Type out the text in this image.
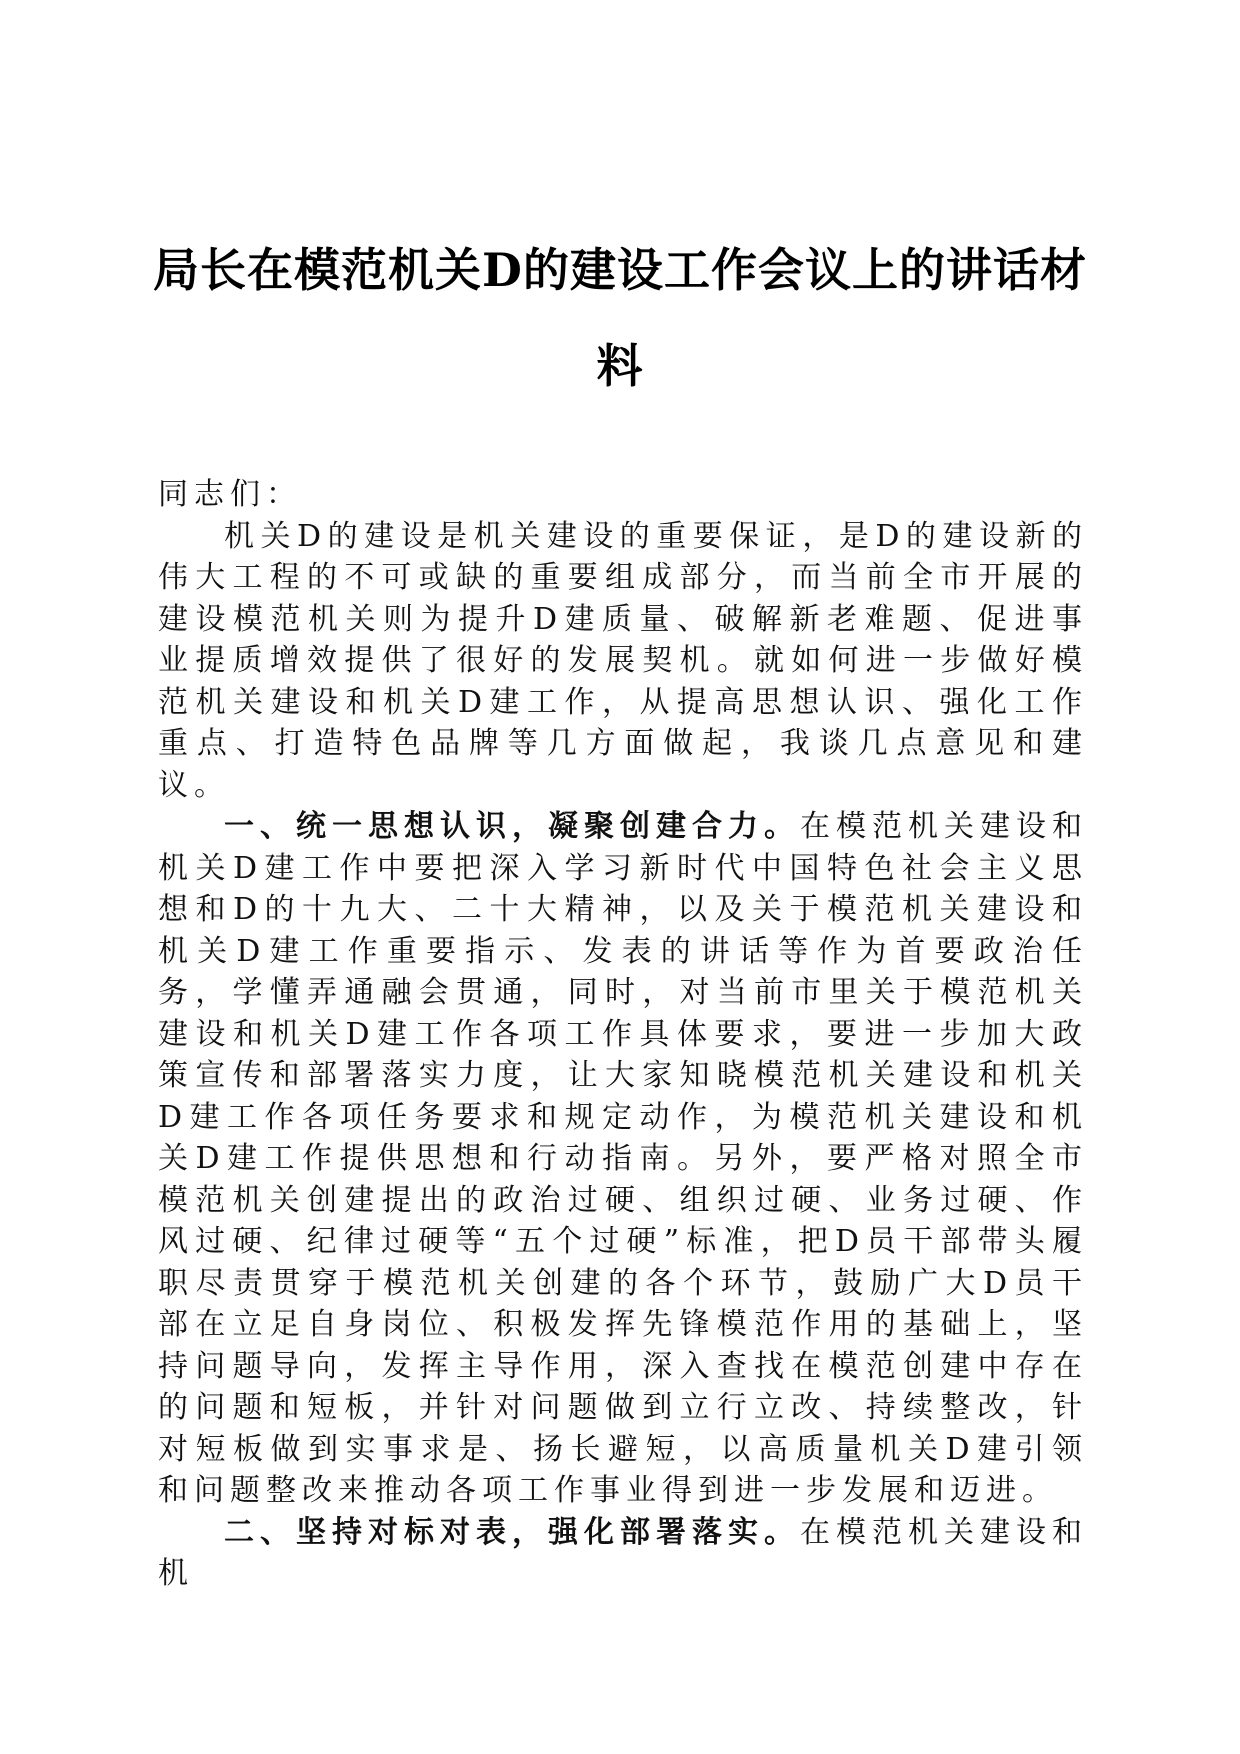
局长在模范机关D的建设工作会议上的讲话材料

同志们：

机关D的建设是机关建设的重要保证，是D的建设新的伟大工程的不可或缺的重要组成部分，而当前全市开展的建设模范机关则为提升D建质量、破解新老难题、促进事业提质增效提供了很好的发展契机。就如何进一步做好模范机关建设和机关D建工作，从提高思想认识、强化工作重点、打造特色品牌等几方面做起，我谈几点意见和建议。

一、统一思想认识，凝聚创建合力。在模范机关建设和机关D建工作中要把深入学习新时代中国特色社会主义思想和D的十九大、二十大精神，以及关于模范机关建设和机关D建工作重要指示、发表的讲话等作为首要政治任务，学懂弄通融会贯通，同时，对当前市里关于模范机关建设和机关D建工作各项工作具体要求，要进一步加大政策宣传和部署落实力度，让大家知晓模范机关建设和机关D建工作各项任务要求和规定动作，为模范机关建设和机关D建工作提供思想和行动指南。另外，要严格对照全市模范机关创建提出的政治过硬、组织过硬、业务过硬、作风过硬、纪律过硬等“五个过硬”标准，把D员干部带头履职尽责贯穿于模范机关创建的各个环节，鼓励广大D员干部在立足自身岗位、积极发挥先锋模范作用的基础上，坚持问题导向，发挥主导作用，深入查找在模范创建中存在的问题和短板，并针对问题做到立行立改、持续整改，针对短板做到实事求是、扬长避短，以高质量机关D建引领和问题整改来推动各项工作事业得到进一步发展和迈进。

二、坚持对标对表，强化部署落实。在模范机关建设和机
